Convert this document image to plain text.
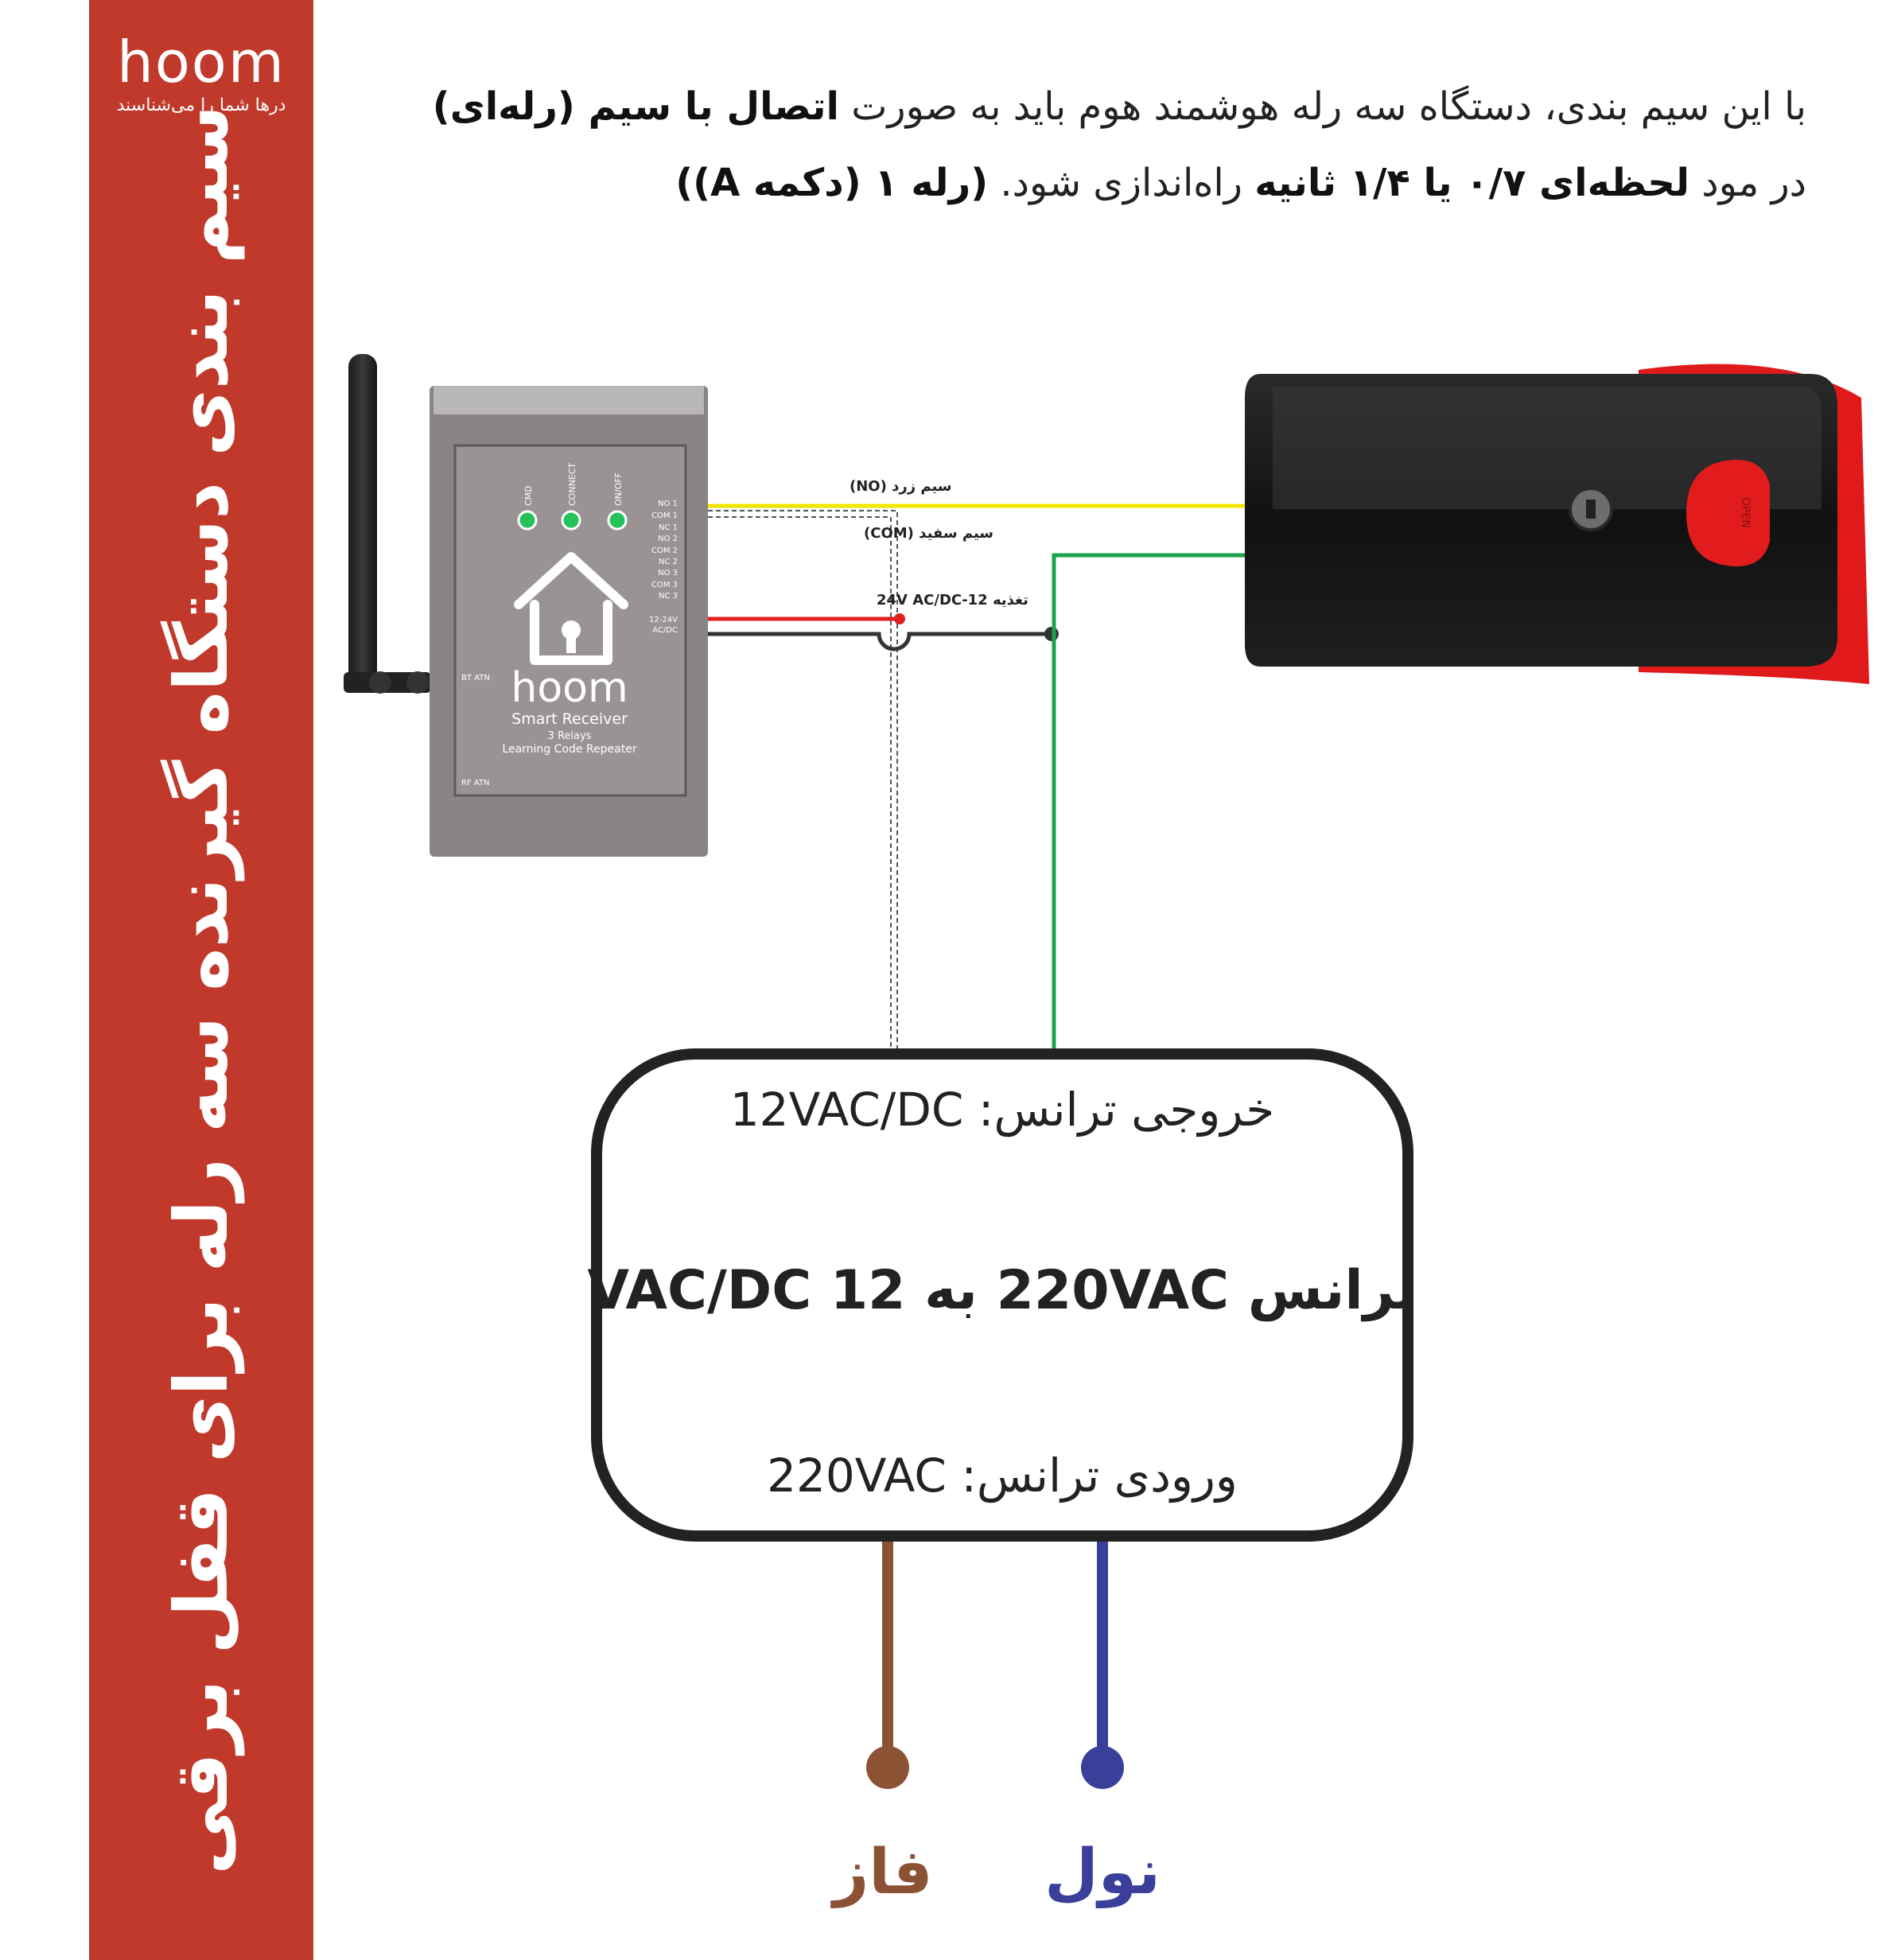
hoom
درها شما را می‌شناسند
سیم بندی دستگاه گیرنده سه رله برای قفل برقی	با این سیم بندی، دستگاه سه رله هوشمند هوم باید به صورت اتصال با سیم (رله‌ای)
در مود لحظه‌ای ۰/۷ یا ۱/۴ ثانیه راه‌اندازی شود. (رله ۱ (دکمه A))
CMD	CONNECT	ON/OFF	NO 1
COM 1
NC 1
NO 2
COM 2
NC 2
NO 3
COM 3
NC 3
12-24V
AC/DC
BT ATN
RF ATN
hoom
Smart Receiver
3 Relays
Learning Code Repeater
سیم زرد (NO)
سیم سفید (COM)
تغذیه 12-24V AC/DC
OPEN
خروجی ترانس: 12VAC/DC
ترانس 220VAC به 12 VAC/DC
ورودی ترانس: 220VAC
فاز نول
